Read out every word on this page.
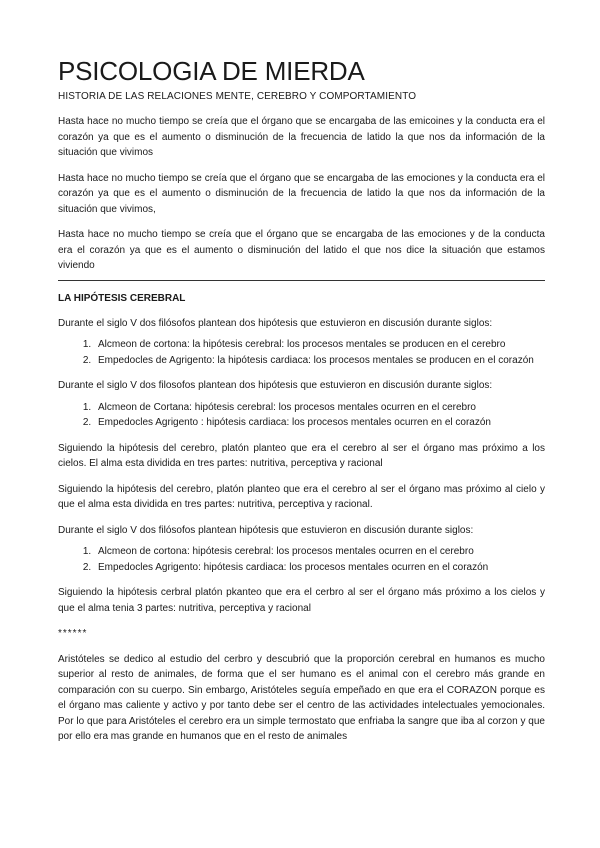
PSICOLOGIA DE MIERDA
HISTORIA DE LAS RELACIONES MENTE, CEREBRO Y COMPORTAMIENTO

Hasta hace no mucho tiempo se creía que el órgano que se encargaba de las emicoines y la conducta era el corazón ya que es el aumento o disminución de la frecuencia de latido la que nos da información de la situación que vivimos

Hasta hace no mucho tiempo se creía que el órgano que se encargaba de las emociones y la conducta era el corazón ya que es el aumento o disminución de la frecuencia de latido la que nos da información de la situación que vivimos,

Hasta hace no mucho tiempo se creía que el órgano que se encargaba de las emociones y de la conducta era el corazón ya que es el aumento o disminución del latido el que nos dice la situación que estamos viviendo

LA HIPÓTESIS CEREBRAL

Durante el siglo V dos filósofos plantean dos hipótesis que estuvieron en discusión durante siglos:

1. Alcmeon de cortona: la hipótesis cerebral: los procesos mentales se producen en el cerebro
2. Empedocles de Agrigento: la hipótesis cardiaca: los procesos mentales se producen en el corazón

Durante el siglo V dos filosofos plantean dos hipótesis que estuvieron en discusión durante siglos:

1. Alcmeon de Cortana: hipótesis cerebral: los procesos mentales ocurren en el cerebro
2. Empedocles Agrigento : hipótesis cardiaca: los procesos mentales ocurren en el corazón

Siguiendo la hipótesis del cerebro, platón planteo que era el cerebro al ser el órgano mas próximo a los cielos. El alma esta dividida en tres partes: nutritiva, perceptiva y racional

Siguiendo la hipótesis del cerebro, platón planteo que era el cerebro al ser el órgano mas próximo al cielo y que el alma esta dividida en tres partes: nutritiva, perceptiva y racional.

Durante el siglo V dos filósofos plantean hipótesis que estuvieron en discusión durante siglos:

1. Alcmeon de cortona: hipótesis cerebral: los procesos mentales ocurren en el cerebro
2. Empedocles Agrigento: hipótesis cardiaca: los procesos mentales ocurren en el corazón

Siguiendo la hipótesis cerbral platón pkanteo que era el cerbro al ser el órgano más próximo a los cielos y que el alma tenia 3 partes: nutritiva, perceptiva y racional

******

Aristóteles se dedico al estudio del cerbro y descubrió que la proporción cerebral en humanos es mucho superior al resto de animales, de forma que el ser humano es el animal con el cerebro más grande en comparación con su cuerpo. Sin embargo, Aristóteles seguía empeñado en que era el CORAZON porque es el órgano mas caliente y activo y por tanto debe ser el centro de las actividades intelectuales yemocionales. Por lo que para Aristóteles el cerebro era un simple termostato que enfriaba la sangre que iba al corzon y que por ello era mas grande en humanos que en el resto de animales
